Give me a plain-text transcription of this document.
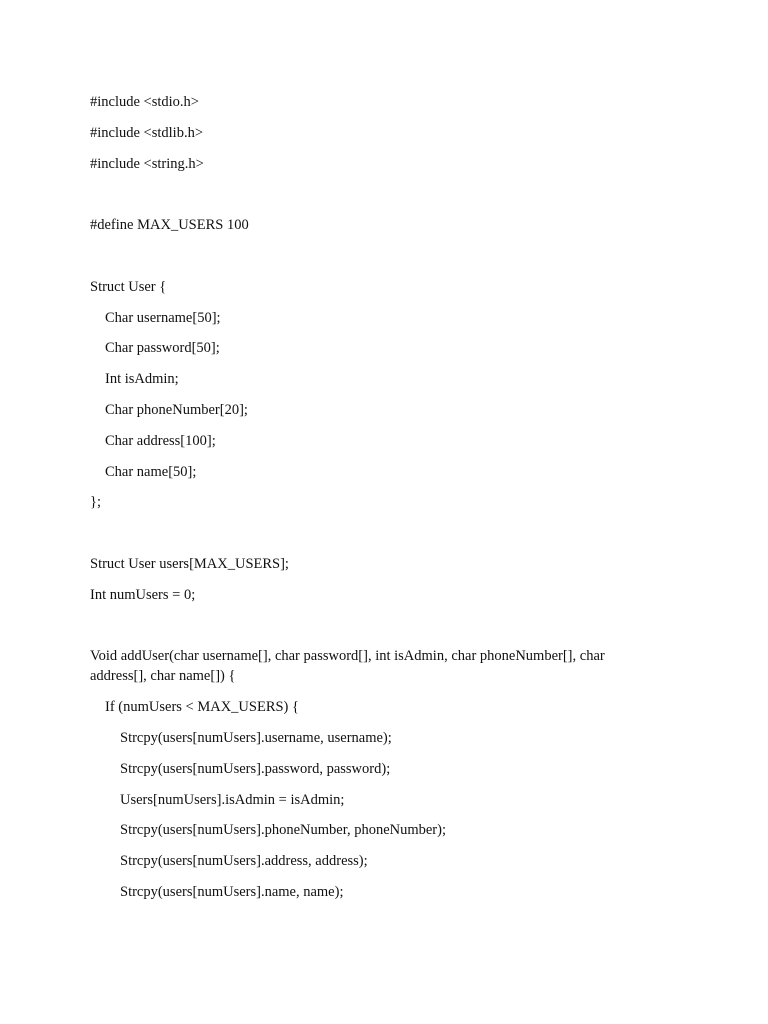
#include <stdio.h>
#include <stdlib.h>
#include <string.h>
#define MAX_USERS 100
Struct User {
Char username[50];
Char password[50];
Int isAdmin;
Char phoneNumber[20];
Char address[100];
Char name[50];
};
Struct User users[MAX_USERS];
Int numUsers = 0;
Void addUser(char username[], char password[], int isAdmin, char phoneNumber[], char address[], char name[]) {
If (numUsers < MAX_USERS) {
Strcpy(users[numUsers].username, username);
Strcpy(users[numUsers].password, password);
Users[numUsers].isAdmin = isAdmin;
Strcpy(users[numUsers].phoneNumber, phoneNumber);
Strcpy(users[numUsers].address, address);
Strcpy(users[numUsers].name, name);
